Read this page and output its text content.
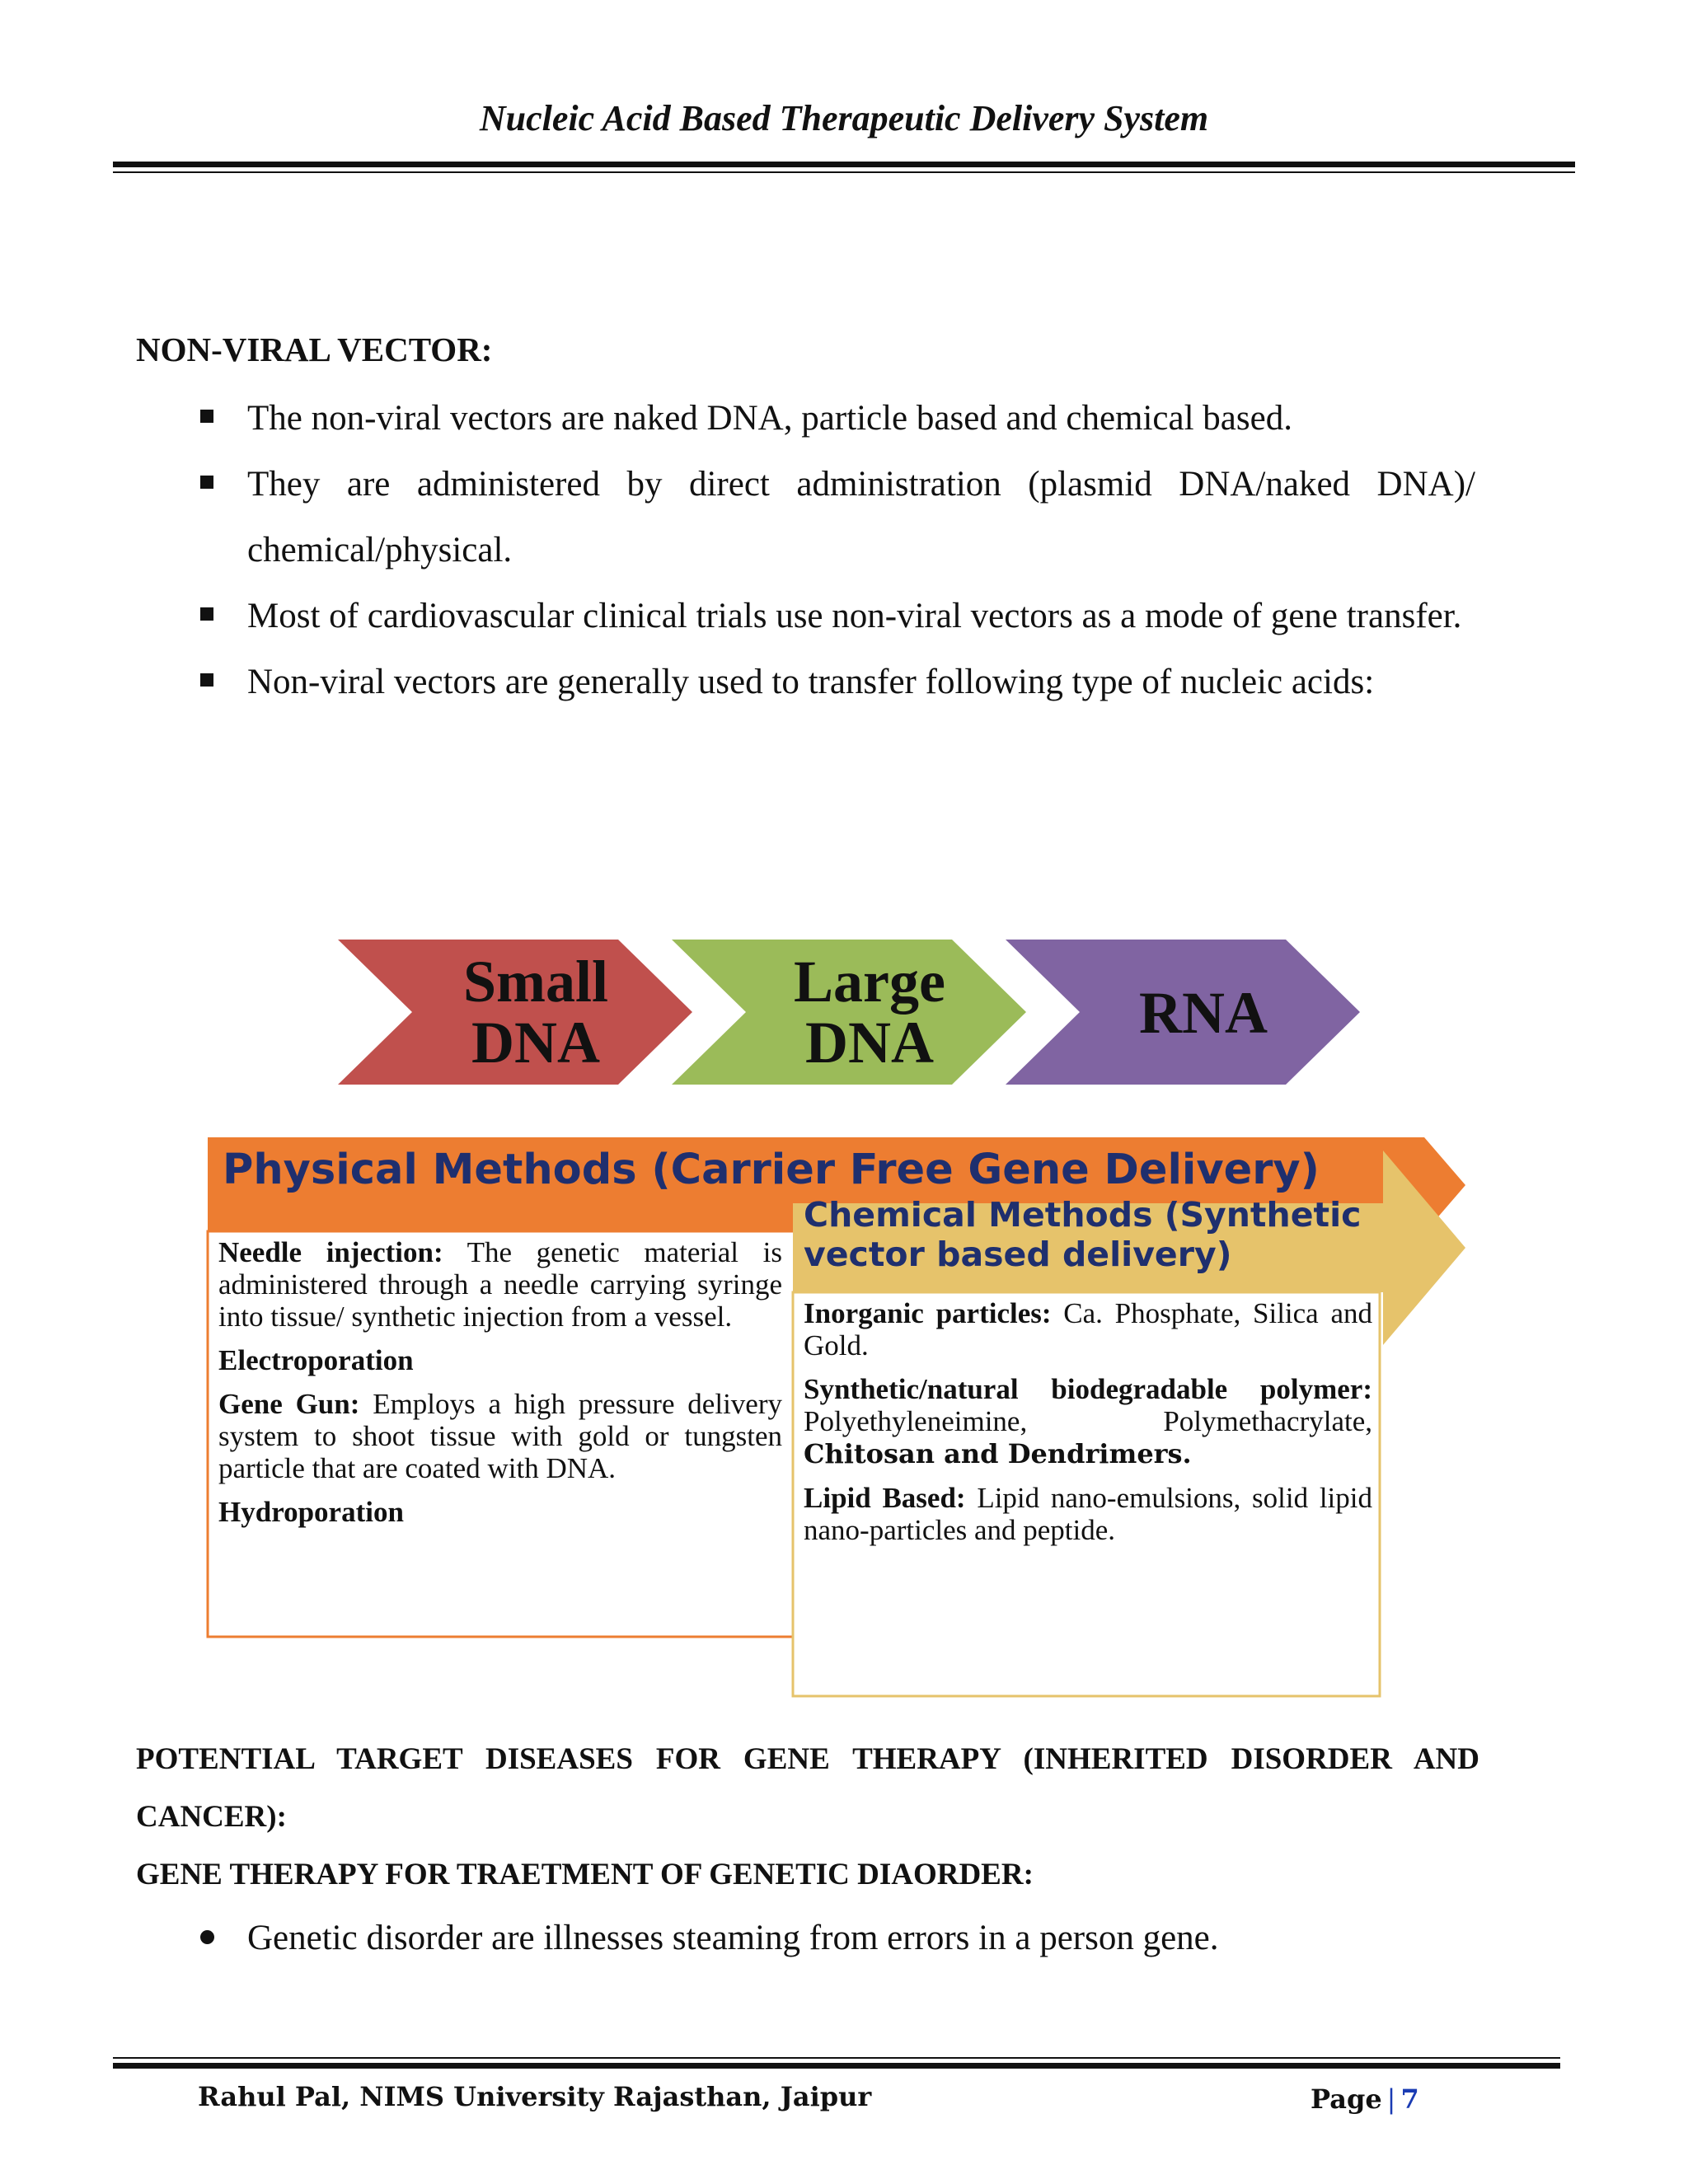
Nucleic Acid Based Therapeutic Delivery System
NON-VIRAL VECTOR:
The non-viral vectors are naked DNA, particle based and chemical based.
They are administered by direct administration (plasmid DNA/naked DNA)/ chemical/physical.
Most of cardiovascular clinical trials use non-viral vectors as a mode of gene transfer.
Non-viral vectors are generally used to transfer following type of nucleic acids:
Small
DNA
Large
DNA	RNA
Physical Methods (Carrier Free Gene Delivery)
Chemical Methods (Synthetic vector based delivery)

Needle injection: The genetic material is administered through a needle carrying syringe into tissue/ synthetic injection from a vessel.

Electroporation

Gene Gun: Employs a high pressure delivery system to shoot tissue with gold or tungsten particle that are coated with DNA.

Hydroporation

Inorganic particles: Ca. Phosphate, Silica and Gold.

Synthetic/natural biodegradable polymer: Polyethyleneimine, Polymethacrylate, Chitosan and Dendrimers.

Lipid Based: Lipid nano-emulsions, solid lipid nano-particles and peptide.

POTENTIAL TARGET DISEASES FOR GENE THERAPY (INHERITED DISORDER AND CANCER):
GENE THERAPY FOR TRAETMENT OF GENETIC DIAORDER:
Genetic disorder are illnesses steaming from errors in a person gene.
Rahul Pal, NIMS University Rajasthan, Jaipur	Page | 7
